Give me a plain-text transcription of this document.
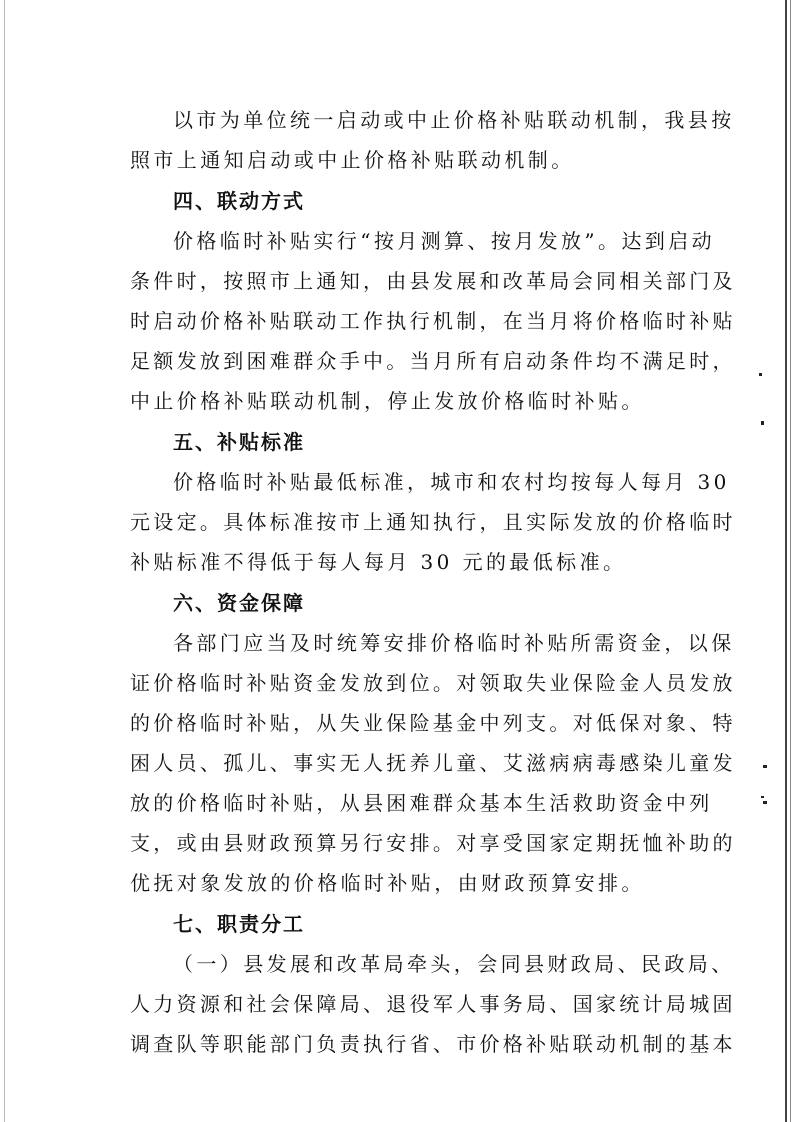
以市为单位统一启动或中止价格补贴联动机制，我县按
照市上通知启动或中止价格补贴联动机制。
四、联动方式
价格临时补贴实行“按月测算、按月发放”。达到启动
条件时，按照市上通知，由县发展和改革局会同相关部门及
时启动价格补贴联动工作执行机制，在当月将价格临时补贴
足额发放到困难群众手中。当月所有启动条件均不满足时，
中止价格补贴联动机制，停止发放价格临时补贴。
五、补贴标准
价格临时补贴最低标准，城市和农村均按每人每月 30
元设定。具体标准按市上通知执行，且实际发放的价格临时
补贴标准不得低于每人每月 30 元的最低标准。
六、资金保障
各部门应当及时统筹安排价格临时补贴所需资金，以保
证价格临时补贴资金发放到位。对领取失业保险金人员发放
的价格临时补贴，从失业保险基金中列支。对低保对象、特
困人员、孤儿、事实无人抚养儿童、艾滋病病毒感染儿童发
放的价格临时补贴，从县困难群众基本生活救助资金中列
支，或由县财政预算另行安排。对享受国家定期抚恤补助的
优抚对象发放的价格临时补贴，由财政预算安排。
七、职责分工
（一）县发展和改革局牵头，会同县财政局、民政局、
人力资源和社会保障局、退役军人事务局、国家统计局城固
调查队等职能部门负责执行省、市价格补贴联动机制的基本
